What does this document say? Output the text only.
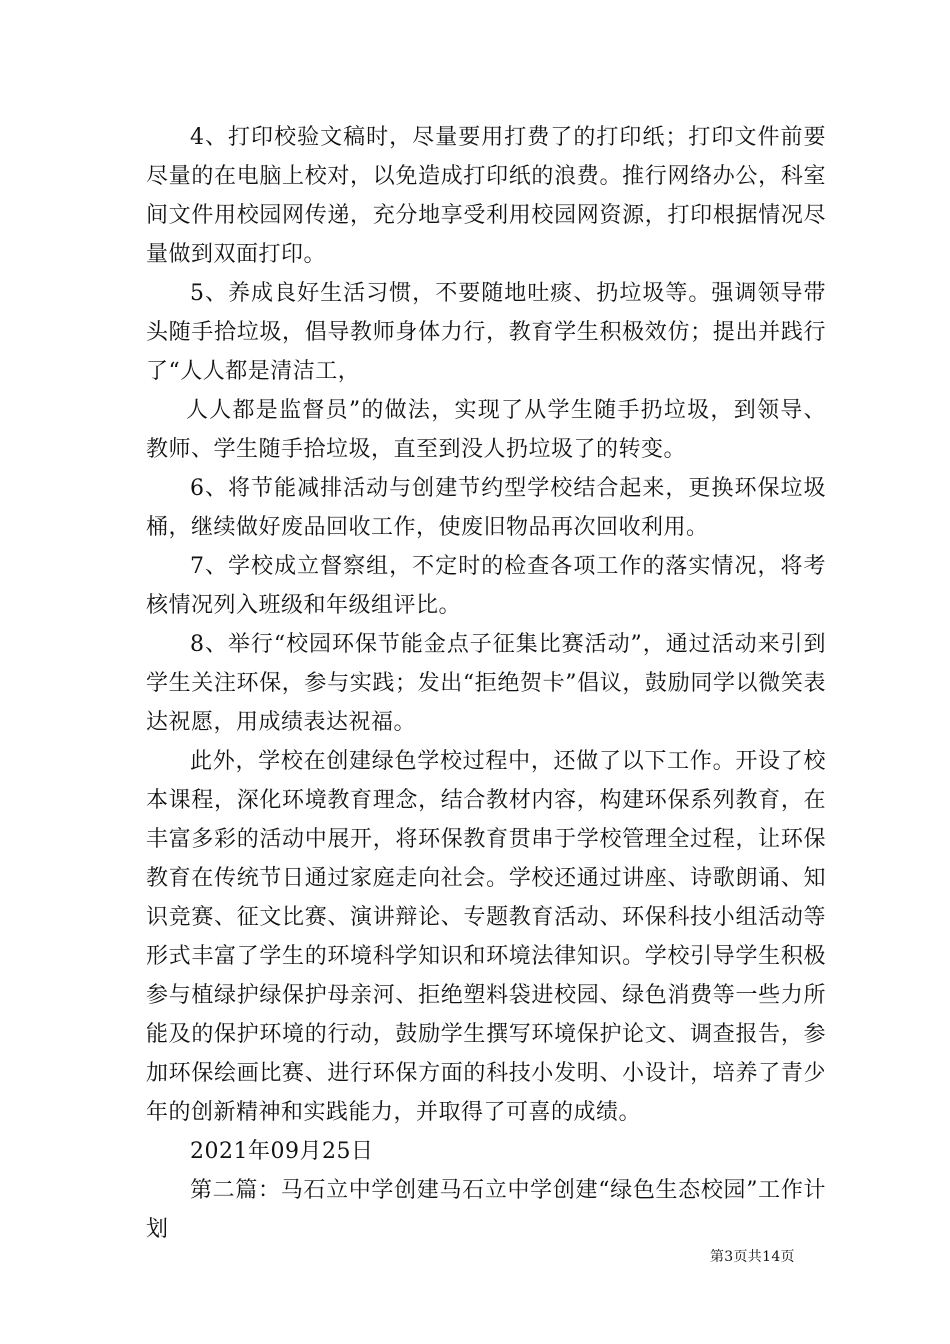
4、打印校验文稿时，尽量要用打费了的打印纸；打印文件前要尽量的在电脑上校对，以免造成打印纸的浪费。推行网络办公，科室间文件用校园网传递，充分地享受利用校园网资源，打印根据情况尽量做到双面打印。

5、养成良好生活习惯，不要随地吐痰、扔垃圾等。强调领导带头随手拾垃圾，倡导教师身体力行，教育学生积极效仿；提出并践行了“人人都是清洁工，

人人都是监督员”的做法，实现了从学生随手扔垃圾，到领导、教师、学生随手拾垃圾，直至到没人扔垃圾了的转变。

6、将节能减排活动与创建节约型学校结合起来，更换环保垃圾桶，继续做好废品回收工作，使废旧物品再次回收利用。

7、学校成立督察组，不定时的检查各项工作的落实情况，将考核情况列入班级和年级组评比。

8、举行“校园环保节能金点子征集比赛活动”，通过活动来引到学生关注环保，参与实践；发出“拒绝贺卡”倡议，鼓励同学以微笑表达祝愿，用成绩表达祝福。

此外，学校在创建绿色学校过程中，还做了以下工作。开设了校本课程，深化环境教育理念，结合教材内容，构建环保系列教育，在丰富多彩的活动中展开，将环保教育贯串于学校管理全过程，让环保教育在传统节日通过家庭走向社会。学校还通过讲座、诗歌朗诵、知识竞赛、征文比赛、演讲辩论、专题教育活动、环保科技小组活动等形式丰富了学生的环境科学知识和环境法律知识。学校引导学生积极参与植绿护绿保护母亲河、拒绝塑料袋进校园、绿色消费等一些力所能及的保护环境的行动，鼓励学生撰写环境保护论文、调查报告，参加环保绘画比赛、进行环保方面的科技小发明、小设计，培养了青少年的创新精神和实践能力，并取得了可喜的成绩。

2021年09月25日

第二篇：马石立中学创建马石立中学创建“绿色生态校园”工作计划

第3页共14页
